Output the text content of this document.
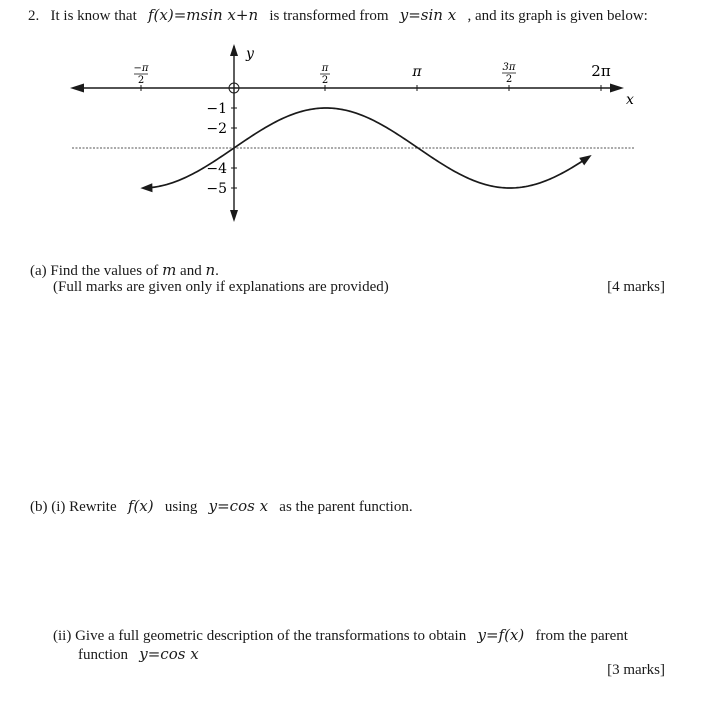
2. It is know that f(x)=msin x+n is transformed from y=sin x , and its graph is given below:
−π
2
π
2
π	3π
2	2π
y
x
−1
−2
−4
−5
(a) Find the values of m and n.
(Full marks are given only if explanations are provided)	[4 marks]
(b) (i) Rewrite f(x) using y=cos x as the parent function.
(ii) Give a full geometric description of the transformations to obtain y=f(x) from the parent
function y=cos x
[3 marks]
